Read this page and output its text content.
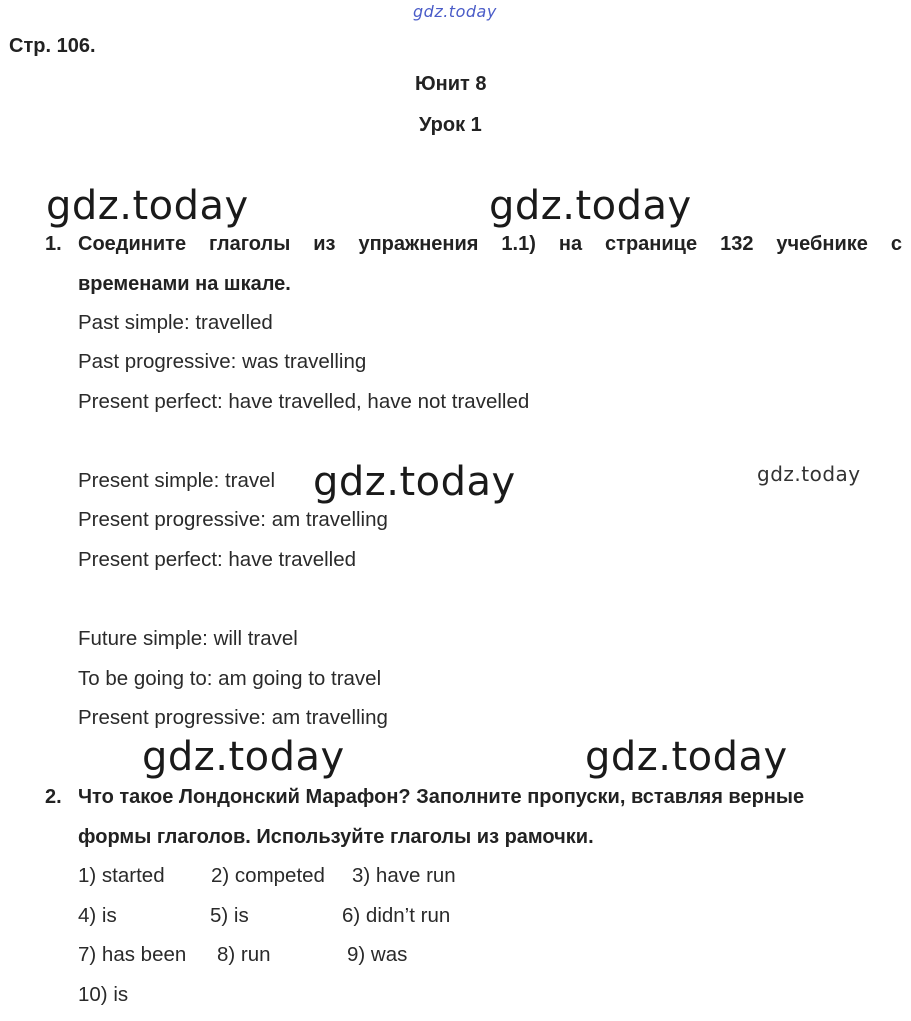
gdz.today
Стр. 106.
Юнит 8
Урок 1
gdz.today	gdz.today
1. Соедините глаголы из упражнения 1.1) на странице 132 учебнике с
временами на шкале.
Past simple: travelled
Past progressive: was travelling
Present perfect: have travelled, have not travelled
Present simple: travel gdz.today	gdz.today
Present progressive: am travelling
Present perfect: have travelled
Future simple: will travel
To be going to: am going to travel
Present progressive: am travelling
gdz.today	gdz.today
2. Что такое Лондонский Марафон? Заполните пропуски, вставляя верные
формы глаголов. Используйте глаголы из рамочки.
1) started 2) competed 3) have run
4) is	5) is	6) didn’t run
7) has been 8) run	9) was
10) is
